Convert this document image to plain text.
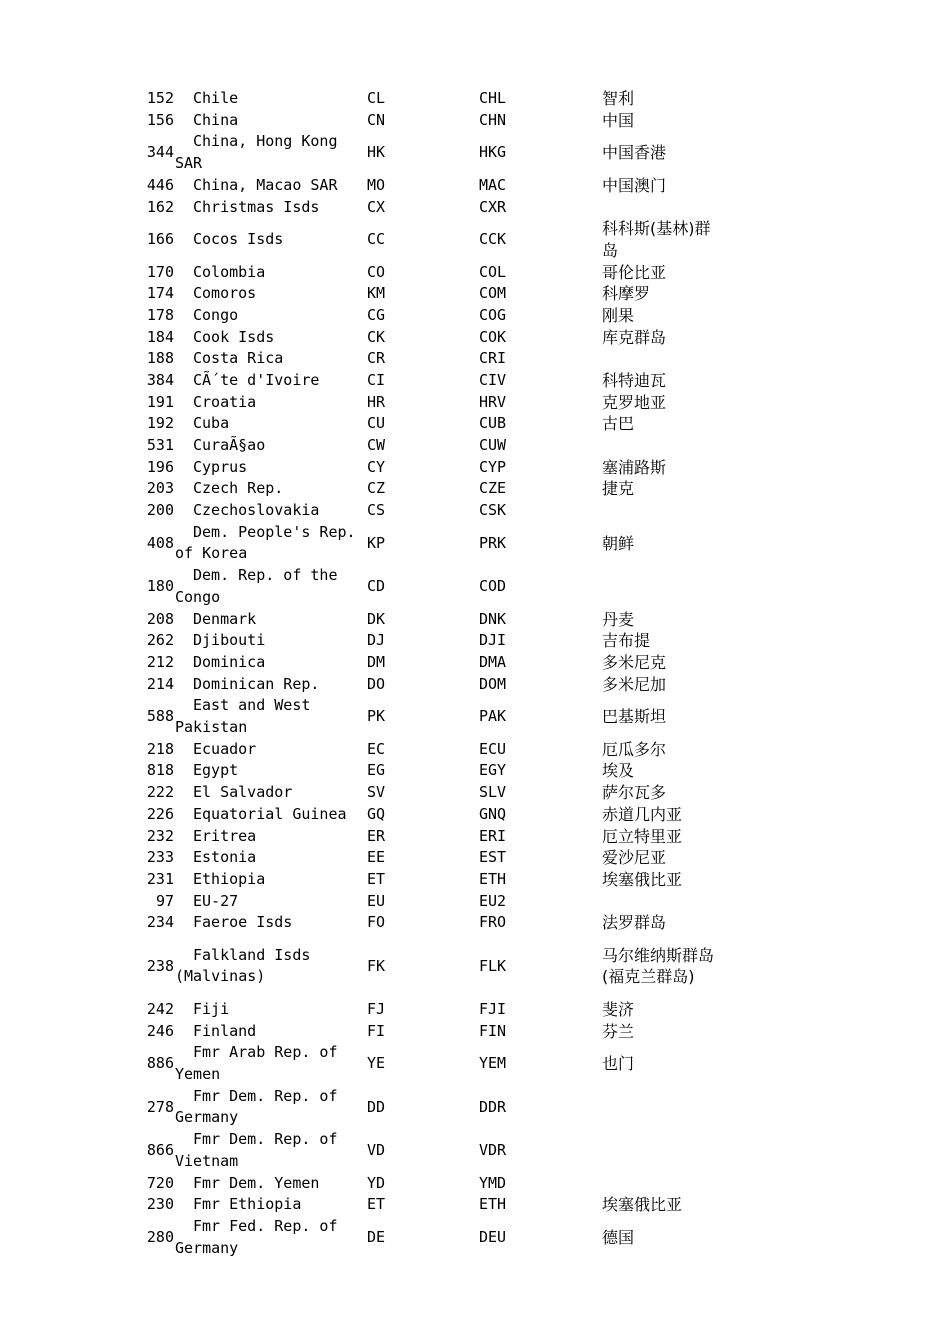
152	Chile	CL	CHL	智利
156	China	CN	CHN	中国
344	China, Hong Kong SAR	HK	HKG	中国香港
446	China, Macao SAR	MO	MAC	中国澳门
162	Christmas Isds	CX	CXR	
166	Cocos Isds	CC	CCK	科科斯(基林)群岛
170	Colombia	CO	COL	哥伦比亚
174	Comoros	KM	COM	科摩罗
178	Congo	CG	COG	刚果
184	Cook Isds	CK	COK	库克群岛
188	Costa Rica	CR	CRI	
384	CÃ´te d'Ivoire	CI	CIV	科特迪瓦
191	Croatia	HR	HRV	克罗地亚
192	Cuba	CU	CUB	古巴
531	CuraÃ§ao	CW	CUW	
196	Cyprus	CY	CYP	塞浦路斯
203	Czech Rep.	CZ	CZE	捷克
200	Czechoslovakia	CS	CSK	
408	Dem. People's Rep. of Korea	KP	PRK	朝鲜
180	Dem. Rep. of the Congo	CD	COD	
208	Denmark	DK	DNK	丹麦
262	Djibouti	DJ	DJI	吉布提
212	Dominica	DM	DMA	多米尼克
214	Dominican Rep.	DO	DOM	多米尼加
588	East and West Pakistan	PK	PAK	巴基斯坦
218	Ecuador	EC	ECU	厄瓜多尔
818	Egypt	EG	EGY	埃及
222	El Salvador	SV	SLV	萨尔瓦多
226	Equatorial Guinea	GQ	GNQ	赤道几内亚
232	Eritrea	ER	ERI	厄立特里亚
233	Estonia	EE	EST	爱沙尼亚
231	Ethiopia	ET	ETH	埃塞俄比亚
97	EU-27	EU	EU2	
234	Faeroe Isds	FO	FRO	法罗群岛
238	Falkland Isds (Malvinas)	FK	FLK	马尔维纳斯群岛(福克兰群岛)
242	Fiji	FJ	FJI	斐济
246	Finland	FI	FIN	芬兰
886	Fmr Arab Rep. of Yemen	YE	YEM	也门
278	Fmr Dem. Rep. of Germany	DD	DDR	
866	Fmr Dem. Rep. of Vietnam	VD	VDR	
720	Fmr Dem. Yemen	YD	YMD	
230	Fmr Ethiopia	ET	ETH	埃塞俄比亚
280	Fmr Fed. Rep. of Germany	DE	DEU	德国
